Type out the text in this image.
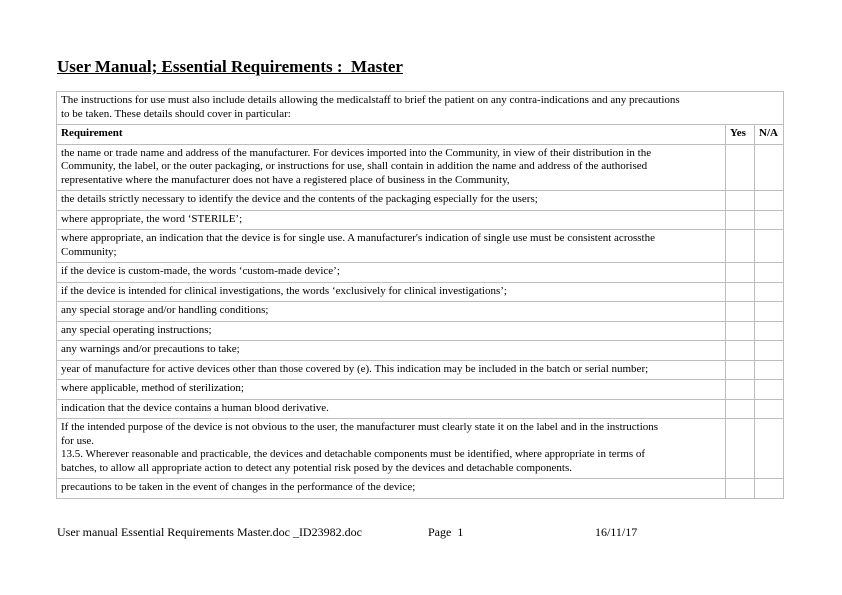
User Manual; Essential Requirements :  Master
The instructions for use must also include details allowing the medicalstaff to brief the patient on any contra-indications and any precautions
to be taken. These details should cover in particular:		
Requirement	Yes	N/A
the name or trade name and address of the manufacturer. For devices imported into the Community, in view of their distribution in the
Community, the label, or the outer packaging, or instructions for use, shall contain in addition the name and address of the authorised
representative where the manufacturer does not have a registered place of business in the Community,		
the details strictly necessary to identify the device and the contents of the packaging especially for the users;		
where appropriate, the word ‘STERILE’;		
where appropriate, an indication that the device is for single use. A manufacturer's indication of single use must be consistent acrossthe
Community;		
if the device is custom-made, the words ‘custom-made device’;		
if the device is intended for clinical investigations, the words ‘exclusively for clinical investigations’;		
any special storage and/or handling conditions;		
any special operating instructions;		
any warnings and/or precautions to take;		
year of manufacture for active devices other than those covered by (e). This indication may be included in the batch or serial number;		
where applicable, method of sterilization;		
indication that the device contains a human blood derivative.		
If the intended purpose of the device is not obvious to the user, the manufacturer must clearly state it on the label and in the instructions
for use.
13.5. Wherever reasonable and practicable, the devices and detachable components must be identified, where appropriate in terms of
batches, to allow all appropriate action to detect any potential risk posed by the devices and detachable components.		
precautions to be taken in the event of changes in the performance of the device;		
User manual Essential Requirements Master.doc _ID23982.doc	Page  1	16/11/17
